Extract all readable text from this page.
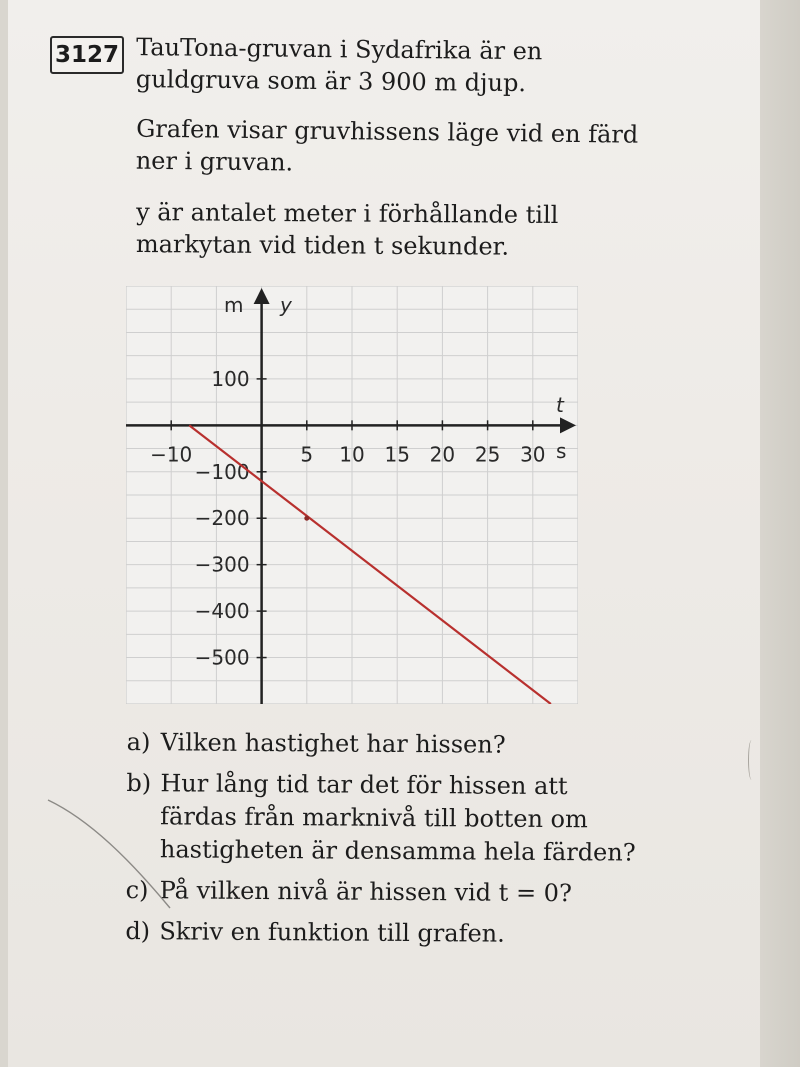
3127 TauTona-gruvan i Sydafrika är en

guldgruva som är 3 900 m djup.

Grafen visar gruvhissens läge vid en färd

ner i gruvan.

y är antalet meter i förhållande till

markytan vid tiden t sekunder.

−10	5 10 15 20 25 30
100
−100
−200
−300
−400
−500
m y
t
s
a) Vilken hastighet har hissen?
b) Hur lång tid tar det för hissen att
färdas från marknivå till botten om
hastigheten är densamma hela färden?
c) På vilken nivå är hissen vid t = 0?
d) Skriv en funktion till grafen.
